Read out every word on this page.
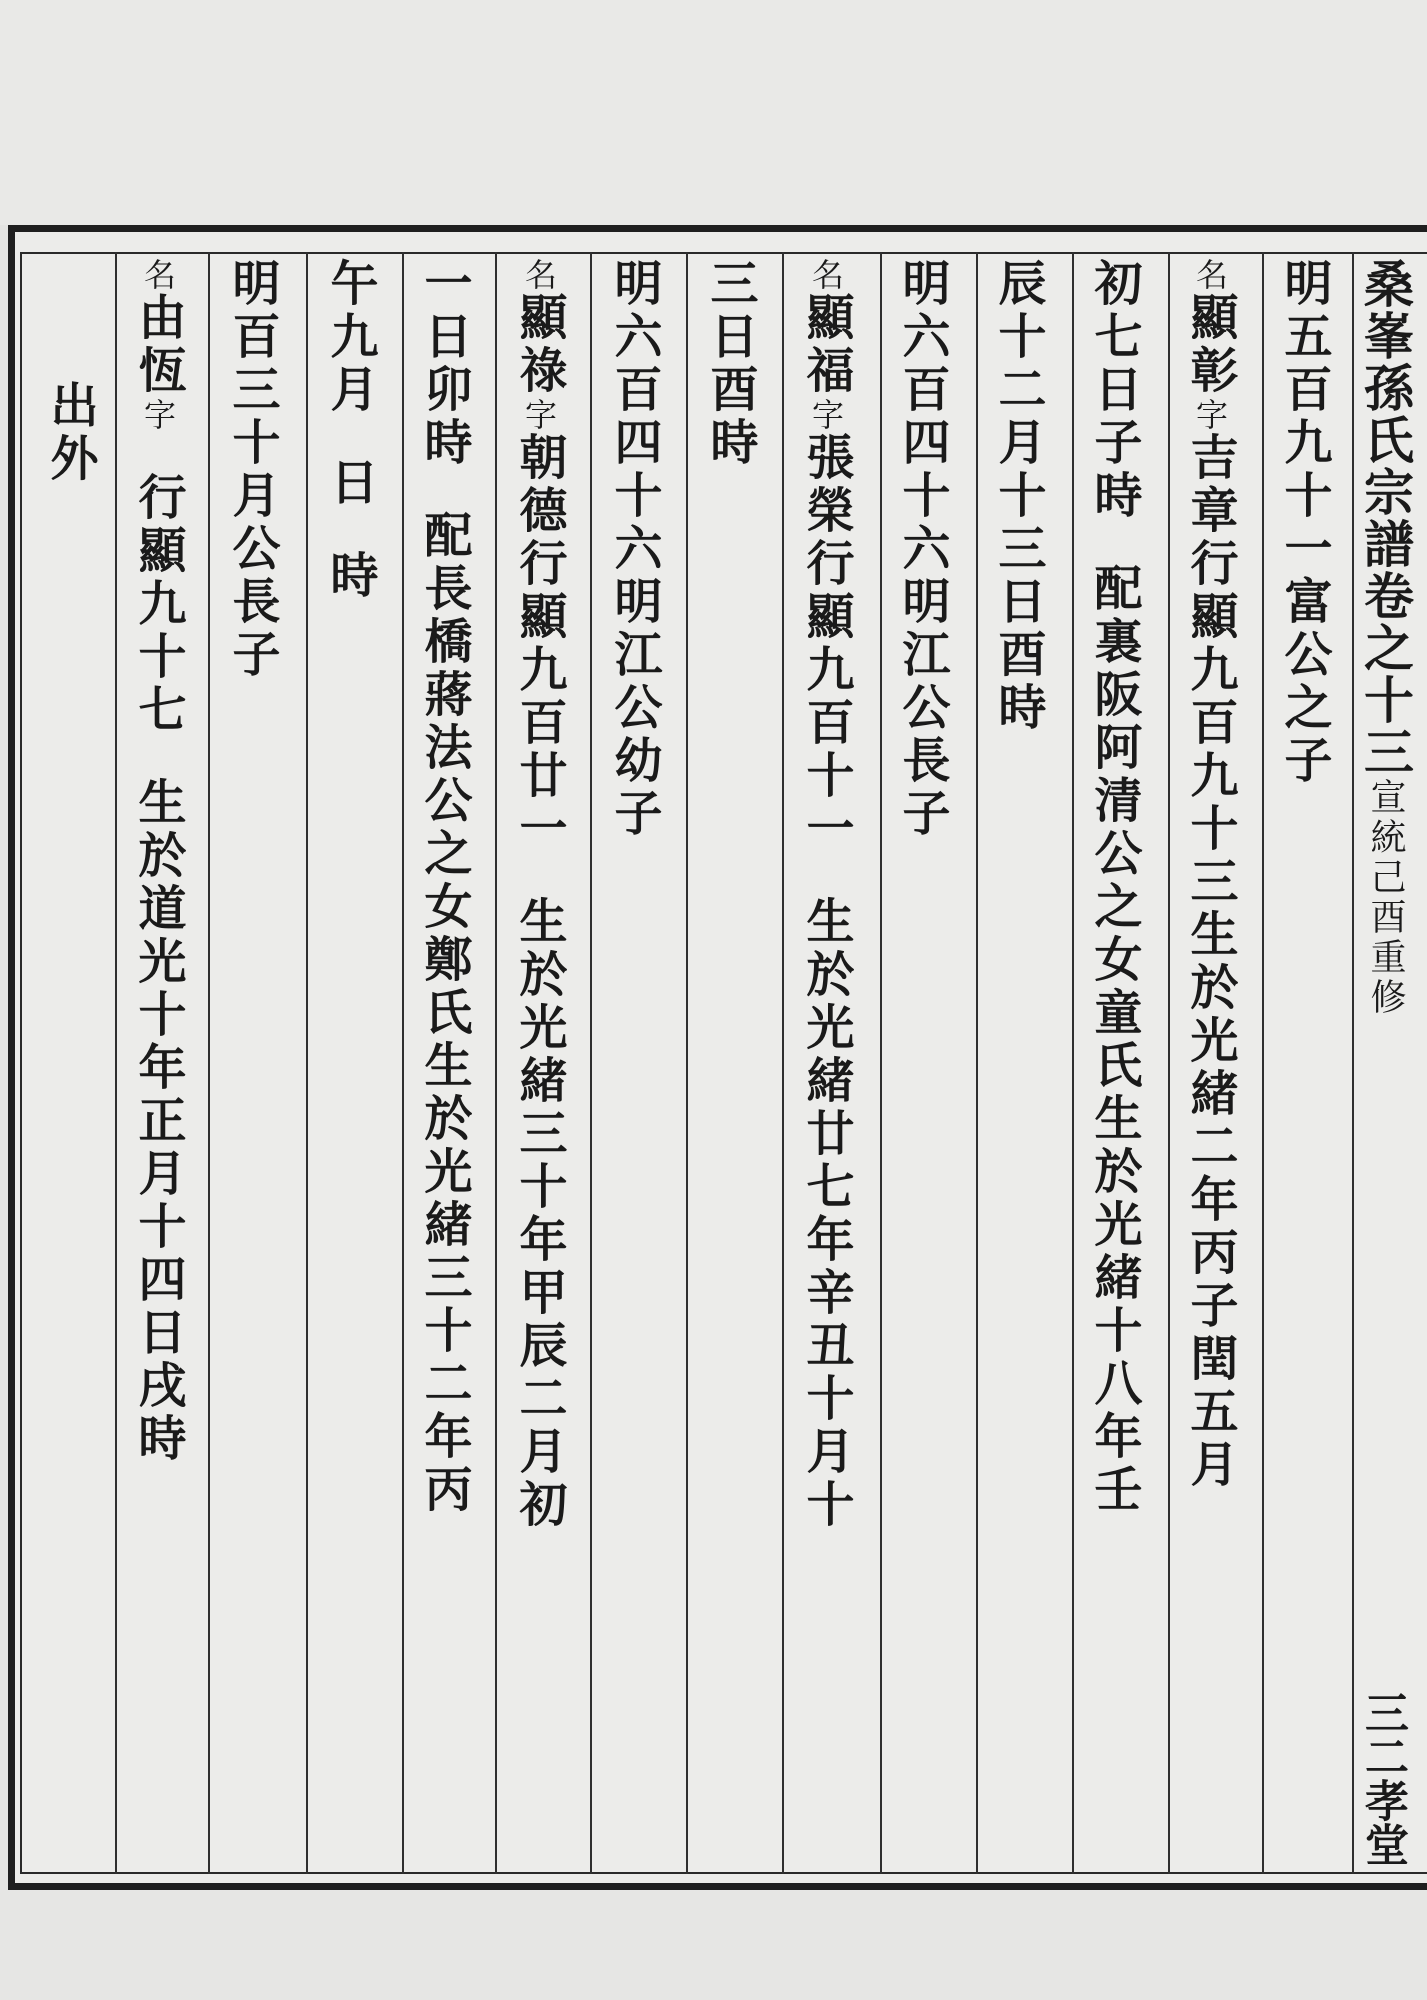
桑峯孫氏宗譜卷之十三宣統己酉重修
三二孝堂
明五百九十一富公之子
名顯彰字吉章行顯九百九十三生於光緒二年丙子閏五月
初七日子時配裏阪阿清公之女童氏生於光緒十八年壬
辰十二月十三日酉時
明六百四十六明江公長子
名顯福字張榮行顯九百十一生於光緒廿七年辛丑十月十
三日酉時
明六百四十六明江公幼子
名顯祿字朝德行顯九百廿一生於光緒三十年甲辰二月初
一日卯時配長橋蔣法公之女鄭氏生於光緒三十二年丙
午九月日時
明百三十月公長子
名由恆字行顯九十七生於道光十年正月十四日戌時
出外
